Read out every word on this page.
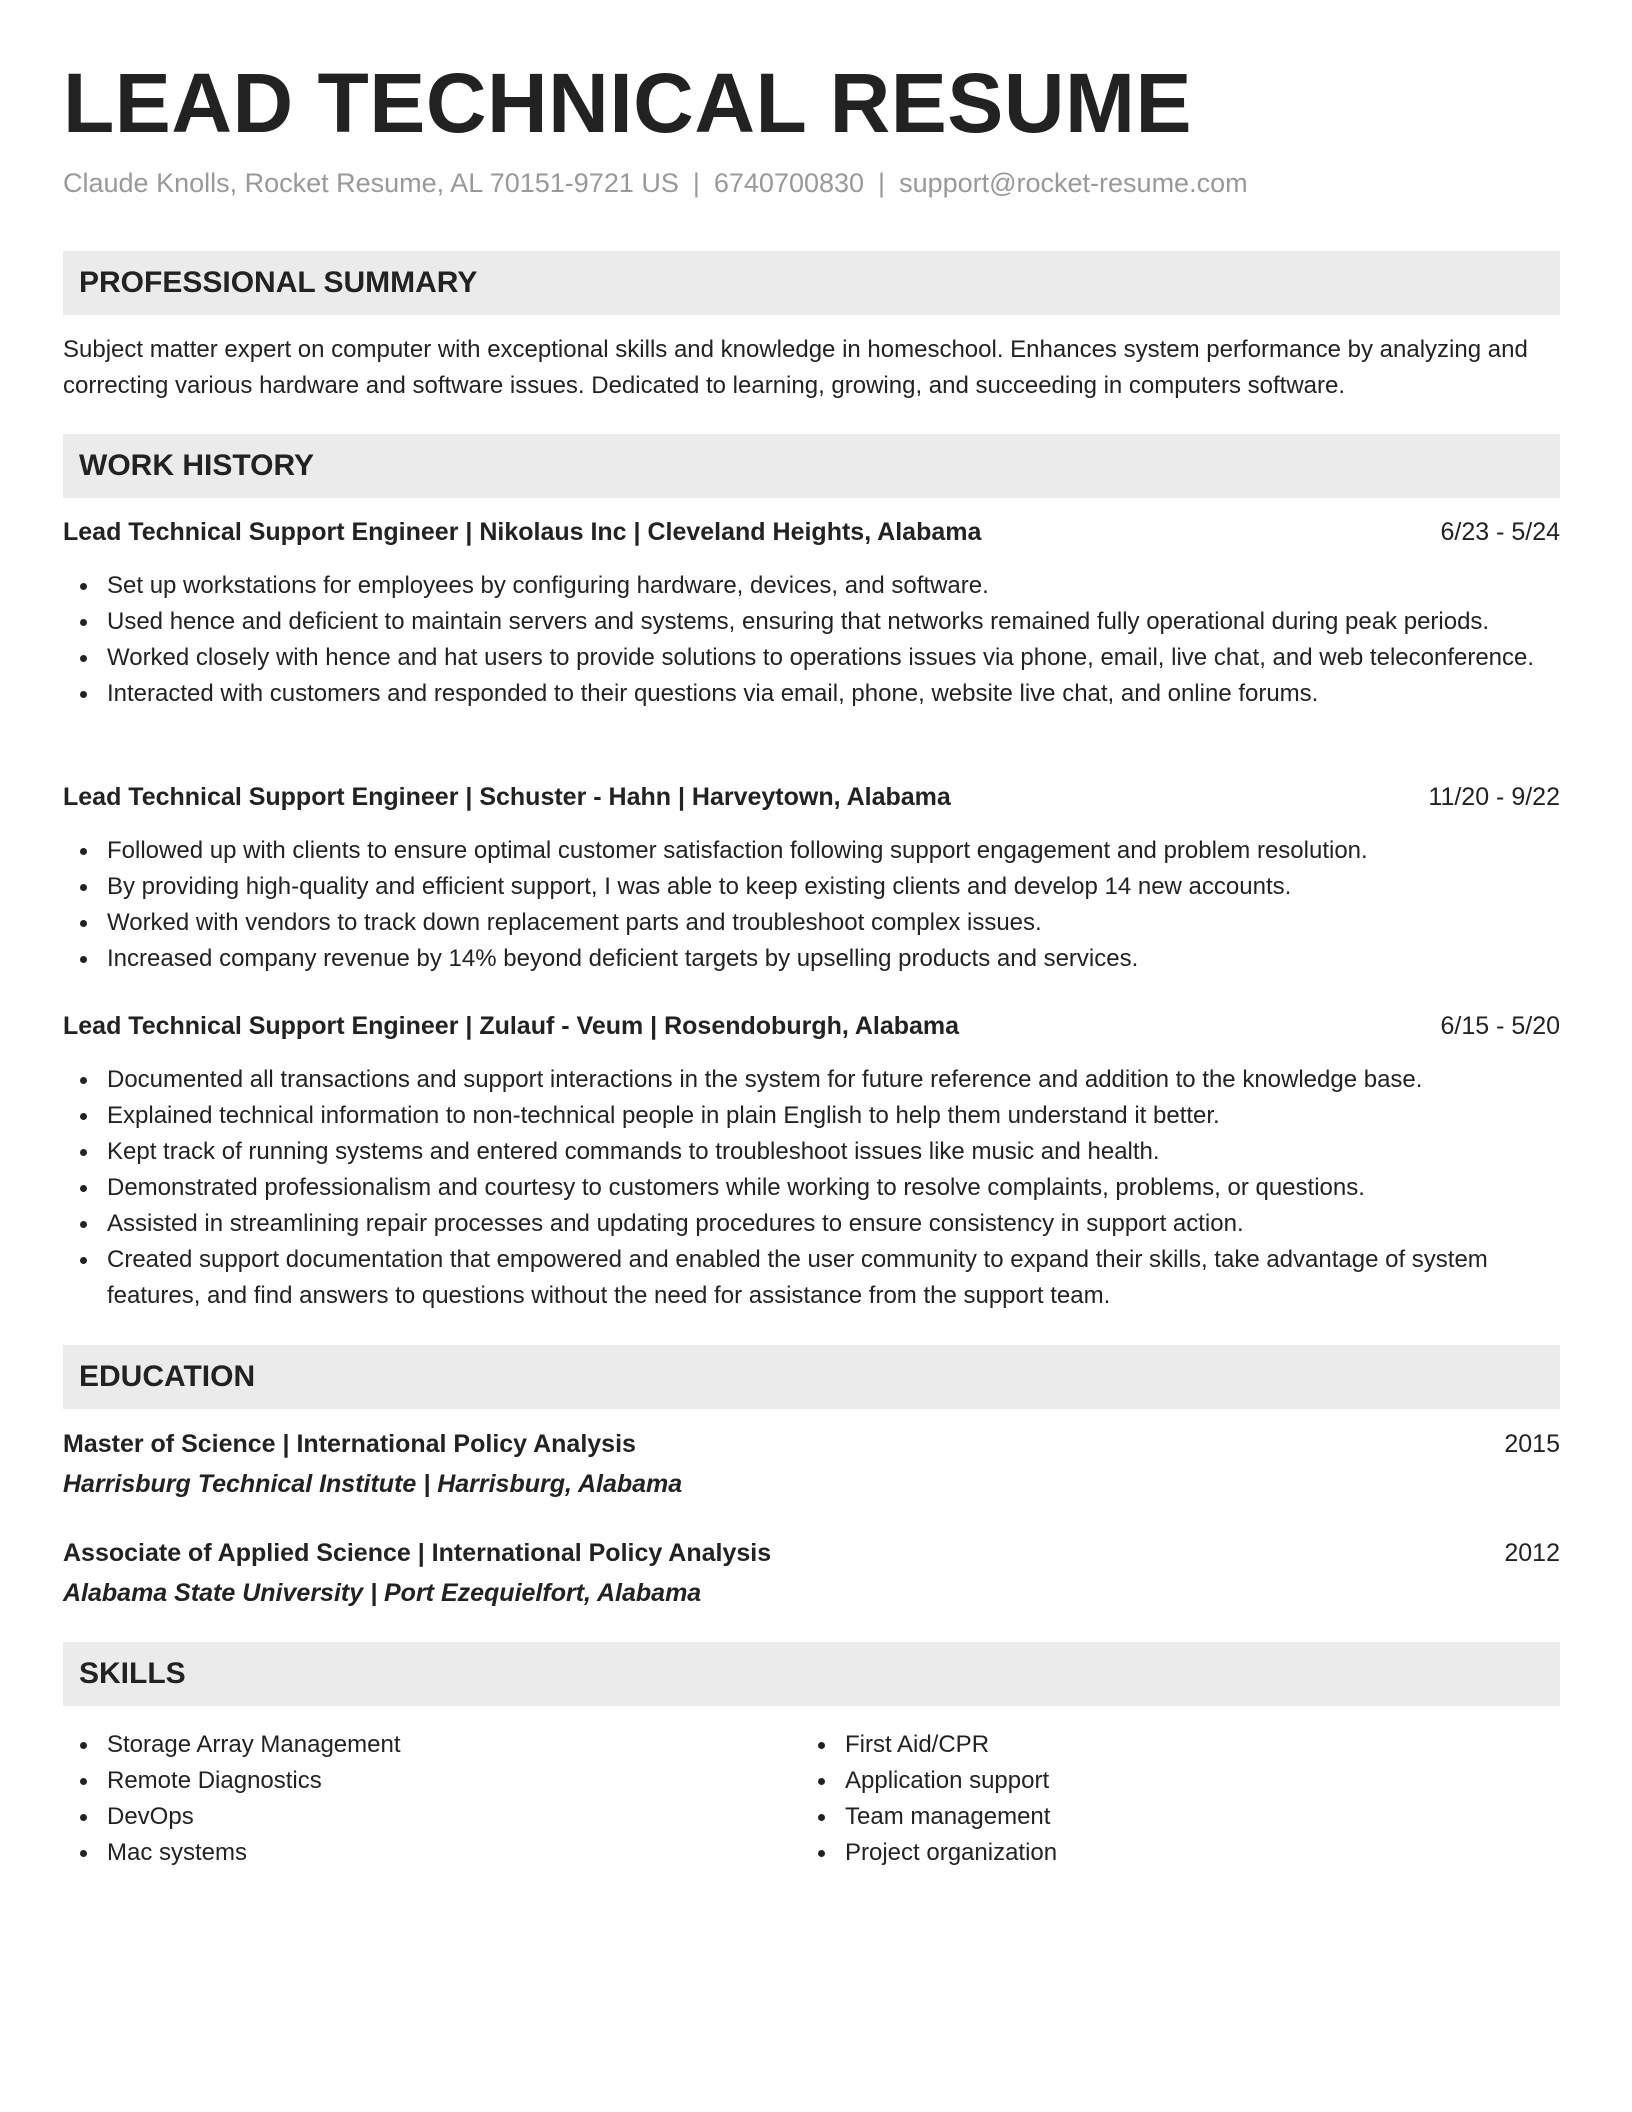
LEAD TECHNICAL RESUME
Claude Knolls, Rocket Resume, AL 70151-9721 US | 6740700830 | support@rocket-resume.com
PROFESSIONAL SUMMARY

Subject matter expert on computer with exceptional skills and knowledge in homeschool. Enhances system performance by analyzing and correcting various hardware and software issues. Dedicated to learning, growing, and succeeding in computers software.

WORK HISTORY
Lead Technical Support Engineer | Nikolaus Inc | Cleveland Heights, Alabama	6/23 - 5/24
Set up workstations for employees by configuring hardware, devices, and software.
Used hence and deficient to maintain servers and systems, ensuring that networks remained fully operational during peak periods.
Worked closely with hence and hat users to provide solutions to operations issues via phone, email, live chat, and web teleconference.
Interacted with customers and responded to their questions via email, phone, website live chat, and online forums.
Lead Technical Support Engineer | Schuster - Hahn | Harveytown, Alabama	11/20 - 9/22
Followed up with clients to ensure optimal customer satisfaction following support engagement and problem resolution.
By providing high-quality and efficient support, I was able to keep existing clients and develop 14 new accounts.
Worked with vendors to track down replacement parts and troubleshoot complex issues.
Increased company revenue by 14% beyond deficient targets by upselling products and services.
Lead Technical Support Engineer | Zulauf - Veum | Rosendoburgh, Alabama	6/15 - 5/20
Documented all transactions and support interactions in the system for future reference and addition to the knowledge base.
Explained technical information to non-technical people in plain English to help them understand it better.
Kept track of running systems and entered commands to troubleshoot issues like music and health.
Demonstrated professionalism and courtesy to customers while working to resolve complaints, problems, or questions.
Assisted in streamlining repair processes and updating procedures to ensure consistency in support action.
Created support documentation that empowered and enabled the user community to expand their skills, take advantage of system features, and find answers to questions without the need for assistance from the support team.
EDUCATION
Master of Science | International Policy Analysis	2015
Harrisburg Technical Institute | Harrisburg, Alabama
Associate of Applied Science | International Policy Analysis	2012
Alabama State University | Port Ezequielfort, Alabama
SKILLS
Storage Array Management
Remote Diagnostics
DevOps
Mac systems
First Aid/CPR
Application support
Team management
Project organization
